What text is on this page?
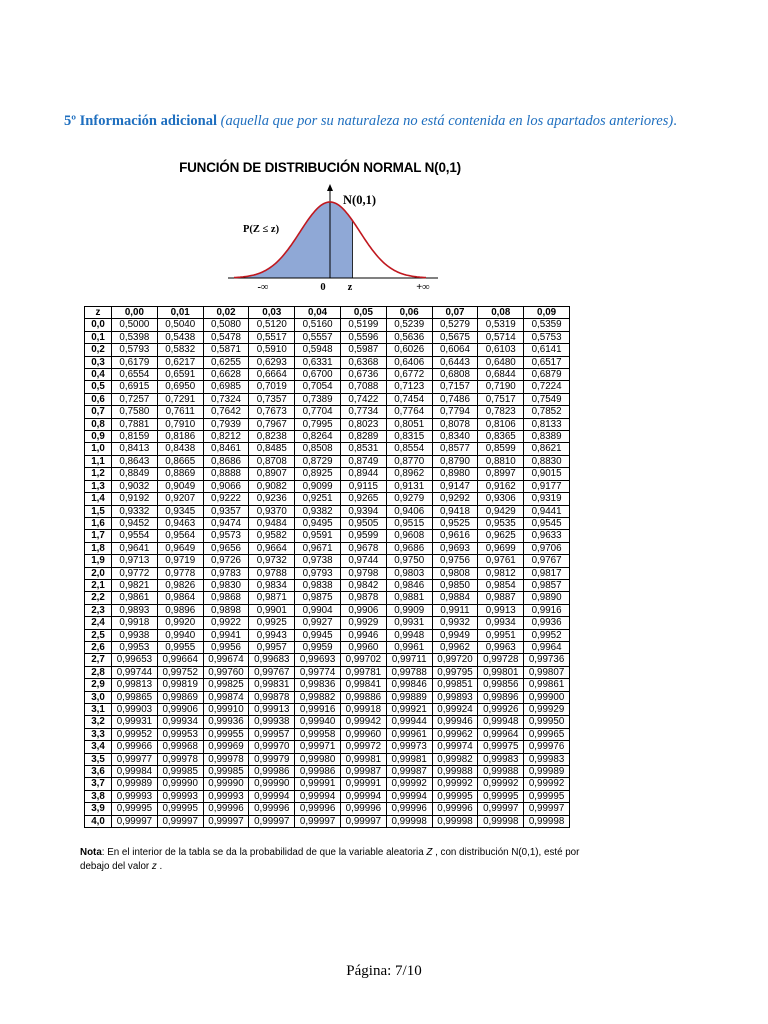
5º Información adicional (aquella que por su naturaleza no está contenida en los apartados anteriores).
FUNCIÓN DE DISTRIBUCIÓN NORMAL N(0,1)
N(0,1)
P(Z ≤ z)
-∞	0 z	+∞
z	0,00	0,01	0,02	0,03	0,04	0,05	0,06	0,07	0,08	0,09
0,0	0,5000	0,5040	0,5080	0,5120	0,5160	0,5199	0,5239	0,5279	0,5319	0,5359
0,1	0,5398	0,5438	0,5478	0,5517	0,5557	0,5596	0,5636	0,5675	0,5714	0,5753
0,2	0,5793	0,5832	0,5871	0,5910	0,5948	0,5987	0,6026	0,6064	0,6103	0,6141
0,3	0,6179	0,6217	0,6255	0,6293	0,6331	0,6368	0,6406	0,6443	0,6480	0,6517
0,4	0,6554	0,6591	0,6628	0,6664	0,6700	0,6736	0,6772	0,6808	0,6844	0,6879
0,5	0,6915	0,6950	0,6985	0,7019	0,7054	0,7088	0,7123	0,7157	0,7190	0,7224
0,6	0,7257	0,7291	0,7324	0,7357	0,7389	0,7422	0,7454	0,7486	0,7517	0,7549
0,7	0,7580	0,7611	0,7642	0,7673	0,7704	0,7734	0,7764	0,7794	0,7823	0,7852
0,8	0,7881	0,7910	0,7939	0,7967	0,7995	0,8023	0,8051	0,8078	0,8106	0,8133
0,9	0,8159	0,8186	0,8212	0,8238	0,8264	0,8289	0,8315	0,8340	0,8365	0,8389
1,0	0,8413	0,8438	0,8461	0,8485	0,8508	0,8531	0,8554	0,8577	0,8599	0,8621
1,1	0,8643	0,8665	0,8686	0,8708	0,8729	0,8749	0,8770	0,8790	0,8810	0,8830
1,2	0,8849	0,8869	0,8888	0,8907	0,8925	0,8944	0,8962	0,8980	0,8997	0,9015
1,3	0,9032	0,9049	0,9066	0,9082	0,9099	0,9115	0,9131	0,9147	0,9162	0,9177
1,4	0,9192	0,9207	0,9222	0,9236	0,9251	0,9265	0,9279	0,9292	0,9306	0,9319
1,5	0,9332	0,9345	0,9357	0,9370	0,9382	0,9394	0,9406	0,9418	0,9429	0,9441
1,6	0,9452	0,9463	0,9474	0,9484	0,9495	0,9505	0,9515	0,9525	0,9535	0,9545
1,7	0,9554	0,9564	0,9573	0,9582	0,9591	0,9599	0,9608	0,9616	0,9625	0,9633
1,8	0,9641	0,9649	0,9656	0,9664	0,9671	0,9678	0,9686	0,9693	0,9699	0,9706
1,9	0,9713	0,9719	0,9726	0,9732	0,9738	0,9744	0,9750	0,9756	0,9761	0,9767
2,0	0,9772	0,9778	0,9783	0,9788	0,9793	0,9798	0,9803	0,9808	0,9812	0,9817
2,1	0,9821	0,9826	0,9830	0,9834	0,9838	0,9842	0,9846	0,9850	0,9854	0,9857
2,2	0,9861	0,9864	0,9868	0,9871	0,9875	0,9878	0,9881	0,9884	0,9887	0,9890
2,3	0,9893	0,9896	0,9898	0,9901	0,9904	0,9906	0,9909	0,9911	0,9913	0,9916
2,4	0,9918	0,9920	0,9922	0,9925	0,9927	0,9929	0,9931	0,9932	0,9934	0,9936
2,5	0,9938	0,9940	0,9941	0,9943	0,9945	0,9946	0,9948	0,9949	0,9951	0,9952
2,6	0,9953	0,9955	0,9956	0,9957	0,9959	0,9960	0,9961	0,9962	0,9963	0,9964
2,7	0,99653	0,99664	0,99674	0,99683	0,99693	0,99702	0,99711	0,99720	0,99728	0,99736
2,8	0,99744	0,99752	0,99760	0,99767	0,99774	0,99781	0,99788	0,99795	0,99801	0,99807
2,9	0,99813	0,99819	0,99825	0,99831	0,99836	0,99841	0,99846	0,99851	0,99856	0,99861
3,0	0,99865	0,99869	0,99874	0,99878	0,99882	0,99886	0,99889	0,99893	0,99896	0,99900
3,1	0,99903	0,99906	0,99910	0,99913	0,99916	0,99918	0,99921	0,99924	0,99926	0,99929
3,2	0,99931	0,99934	0,99936	0,99938	0,99940	0,99942	0,99944	0,99946	0,99948	0,99950
3,3	0,99952	0,99953	0,99955	0,99957	0,99958	0,99960	0,99961	0,99962	0,99964	0,99965
3,4	0,99966	0,99968	0,99969	0,99970	0,99971	0,99972	0,99973	0,99974	0,99975	0,99976
3,5	0,99977	0,99978	0,99978	0,99979	0,99980	0,99981	0,99981	0,99982	0,99983	0,99983
3,6	0,99984	0,99985	0,99985	0,99986	0,99986	0,99987	0,99987	0,99988	0,99988	0,99989
3,7	0,99989	0,99990	0,99990	0,99990	0,99991	0,99991	0,99992	0,99992	0,99992	0,99992
3,8	0,99993	0,99993	0,99993	0,99994	0,99994	0,99994	0,99994	0,99995	0,99995	0,99995
3,9	0,99995	0,99995	0,99996	0,99996	0,99996	0,99996	0,99996	0,99996	0,99997	0,99997
4,0	0,99997	0,99997	0,99997	0,99997	0,99997	0,99997	0,99998	0,99998	0,99998	0,99998
Nota: En el interior de la tabla se da la probabilidad de que la variable aleatoria Z , con distribución N(0,1), esté por debajo del valor z .
Página: 7/10
